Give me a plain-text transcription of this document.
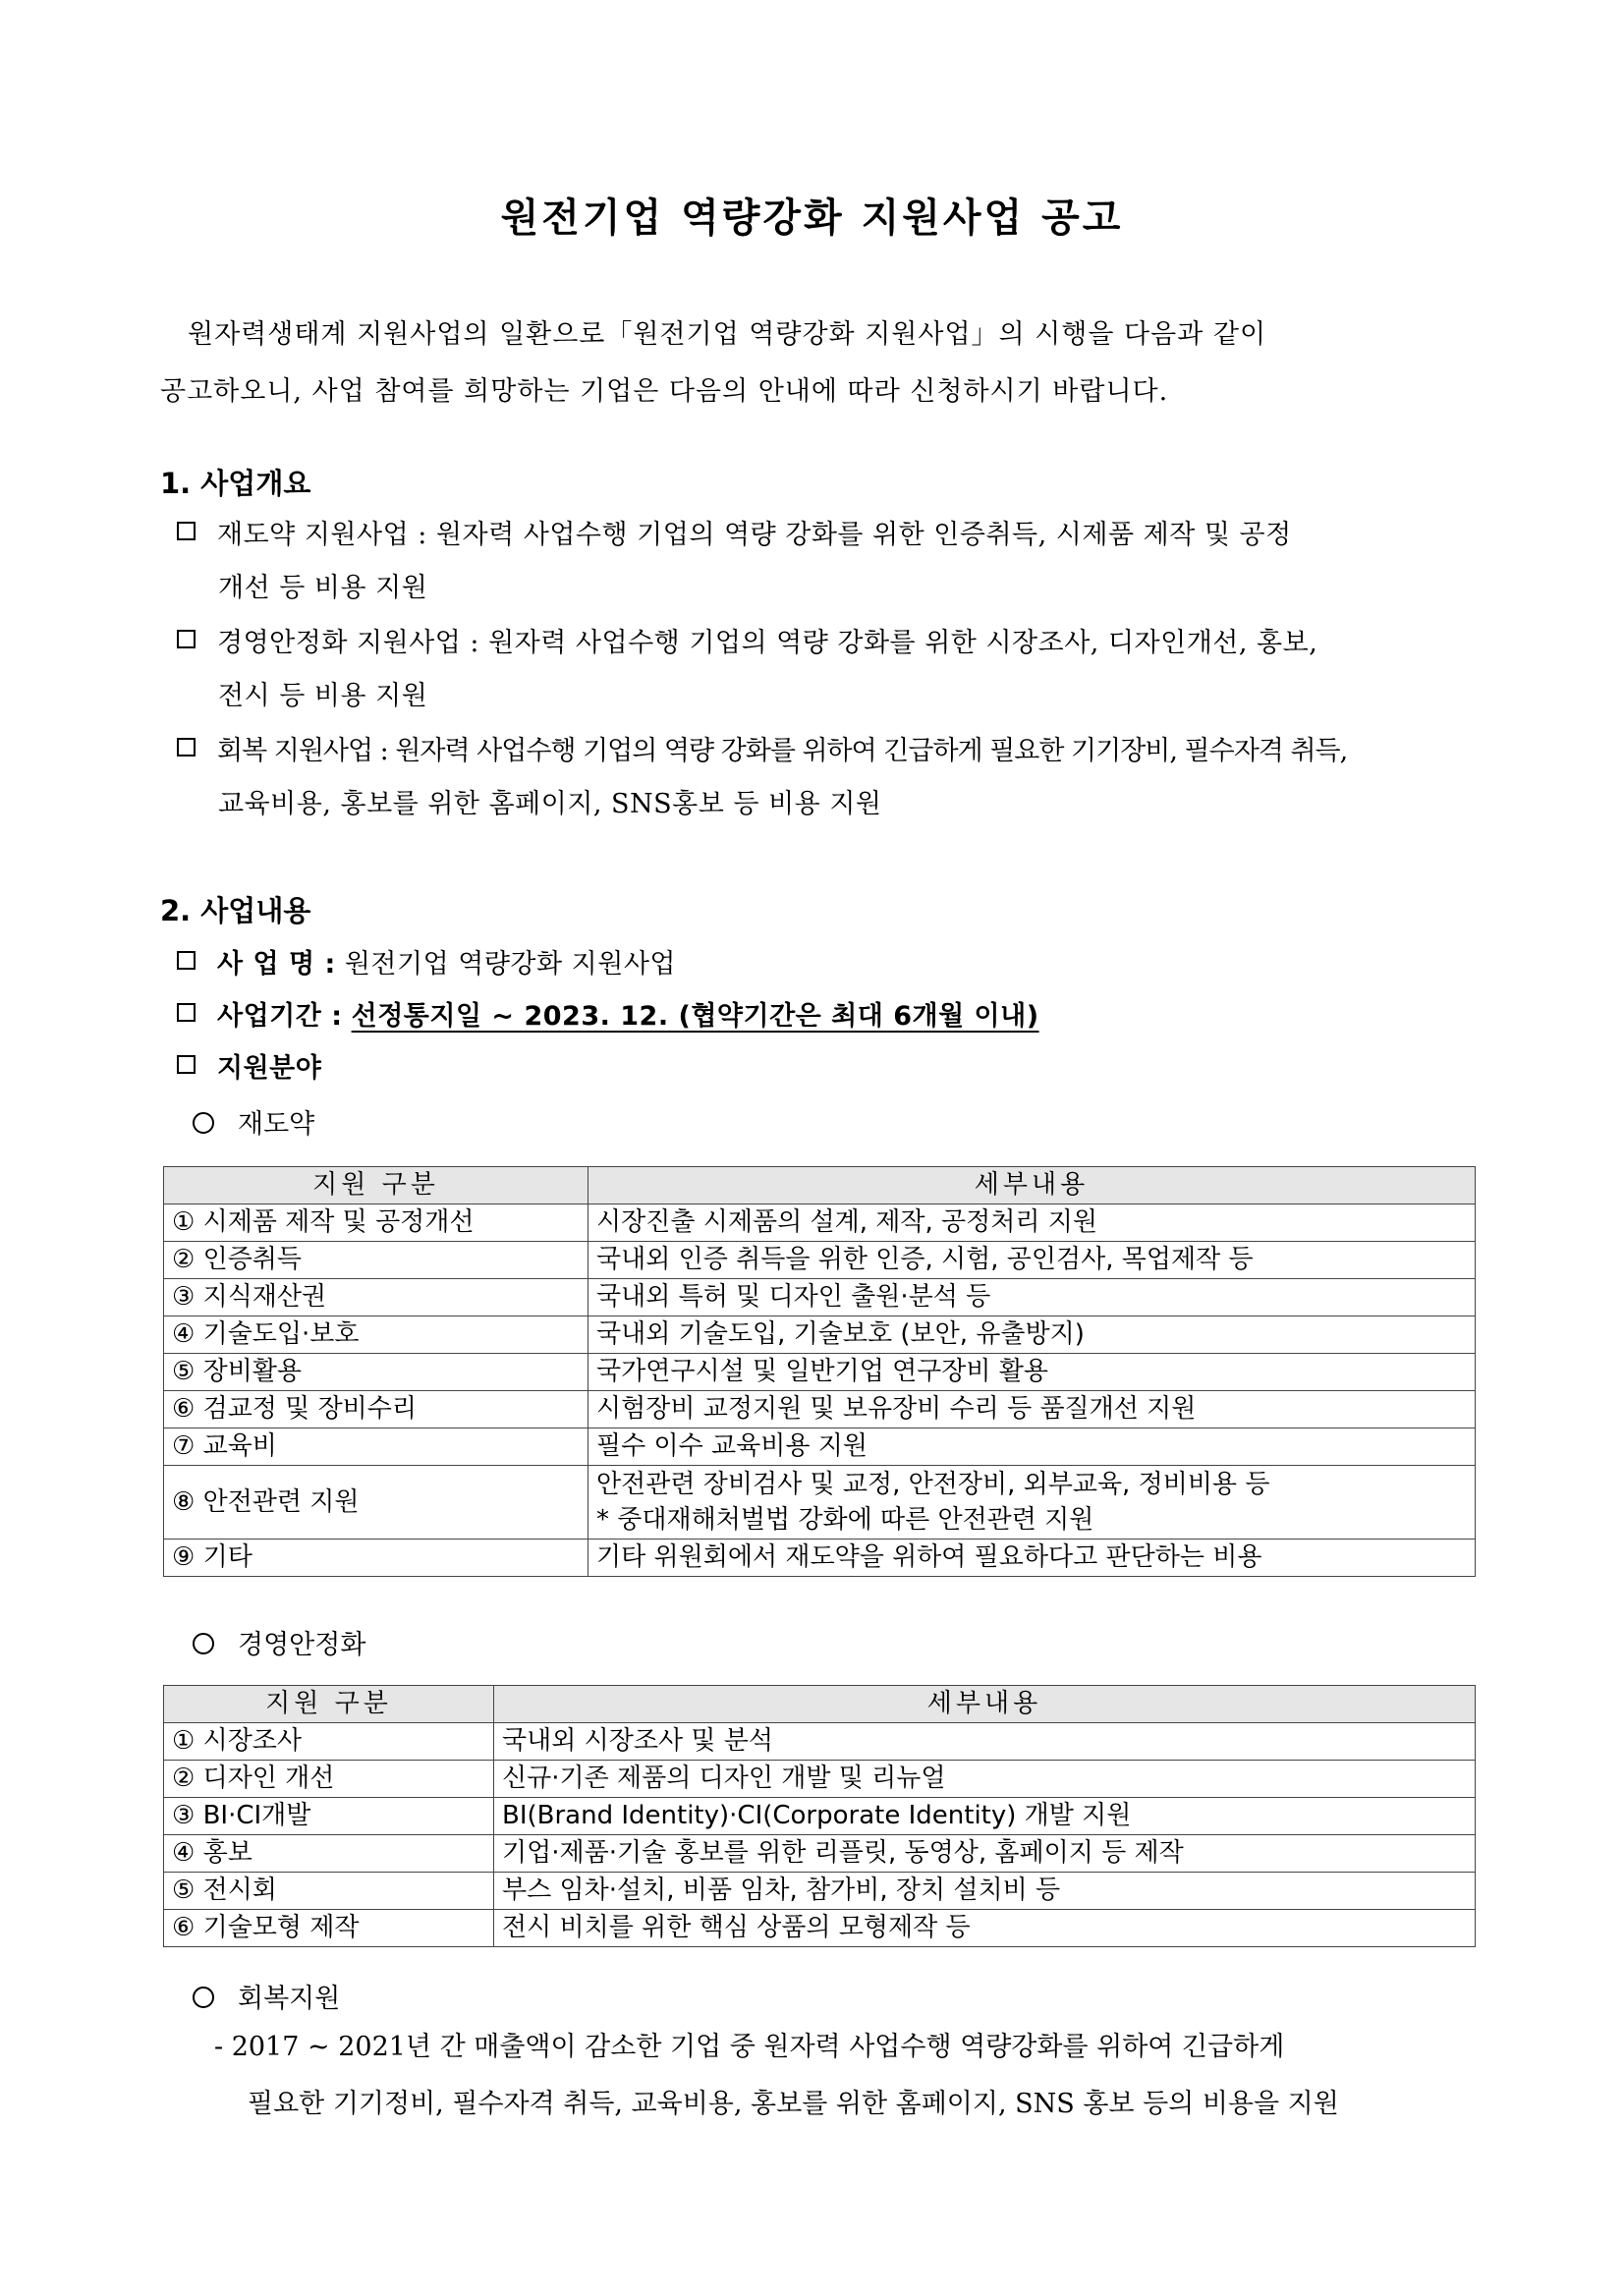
원전기업 역량강화 지원사업 공고

원자력생태계 지원사업의 일환으로「원전기업 역량강화 지원사업」의 시행을 다음과 같이

공고하오니, 사업 참여를 희망하는 기업은 다음의 안내에 따라 신청하시기 바랍니다.

1. 사업개요
재도약 지원사업 : 원자력 사업수행 기업의 역량 강화를 위한 인증취득, 시제품 제작 및 공정
개선 등 비용 지원
경영안정화 지원사업 : 원자력 사업수행 기업의 역량 강화를 위한 시장조사, 디자인개선, 홍보,
전시 등 비용 지원
회복 지원사업 : 원자력 사업수행 기업의 역량 강화를 위하여 긴급하게 필요한 기기장비, 필수자격 취득,
교육비용, 홍보를 위한 홈페이지, SNS홍보 등 비용 지원
2. 사업내용
사 업 명 : 원전기업 역량강화 지원사업
사업기간 : 선정통지일 ~ 2023. 12. (협약기간은 최대 6개월 이내)
지원분야
재도약
지원 구분	세부내용
① 시제품 제작 및 공정개선	시장진출 시제품의 설계, 제작, 공정처리 지원
② 인증취득	국내외 인증 취득을 위한 인증, 시험, 공인검사, 목업제작 등
③ 지식재산권	국내외 특허 및 디자인 출원·분석 등
④ 기술도입·보호	국내외 기술도입, 기술보호 (보안, 유출방지)
⑤ 장비활용	국가연구시설 및 일반기업 연구장비 활용
⑥ 검교정 및 장비수리	시험장비 교정지원 및 보유장비 수리 등 품질개선 지원
⑦ 교육비	필수 이수 교육비용 지원
⑧ 안전관련 지원	안전관련 장비검사 및 교정, 안전장비, 외부교육, 정비비용 등
* 중대재해처벌법 강화에 따른 안전관련 지원

⑨ 기타	기타 위원회에서 재도약을 위하여 필요하다고 판단하는 비용
경영안정화
지원 구분	세부내용
① 시장조사	국내외 시장조사 및 분석
② 디자인 개선	신규·기존 제품의 디자인 개발 및 리뉴얼
③ BI·CI개발	BI(Brand Identity)·CI(Corporate Identity) 개발 지원
④ 홍보	기업·제품·기술 홍보를 위한 리플릿, 동영상, 홈페이지 등 제작
⑤ 전시회	부스 임차·설치, 비품 임차, 참가비, 장치 설치비 등
⑥ 기술모형 제작	전시 비치를 위한 핵심 상품의 모형제작 등
회복지원
- 2017 ~ 2021년 간 매출액이 감소한 기업 중 원자력 사업수행 역량강화를 위하여 긴급하게
필요한 기기정비, 필수자격 취득, 교육비용, 홍보를 위한 홈페이지, SNS 홍보 등의 비용을 지원
